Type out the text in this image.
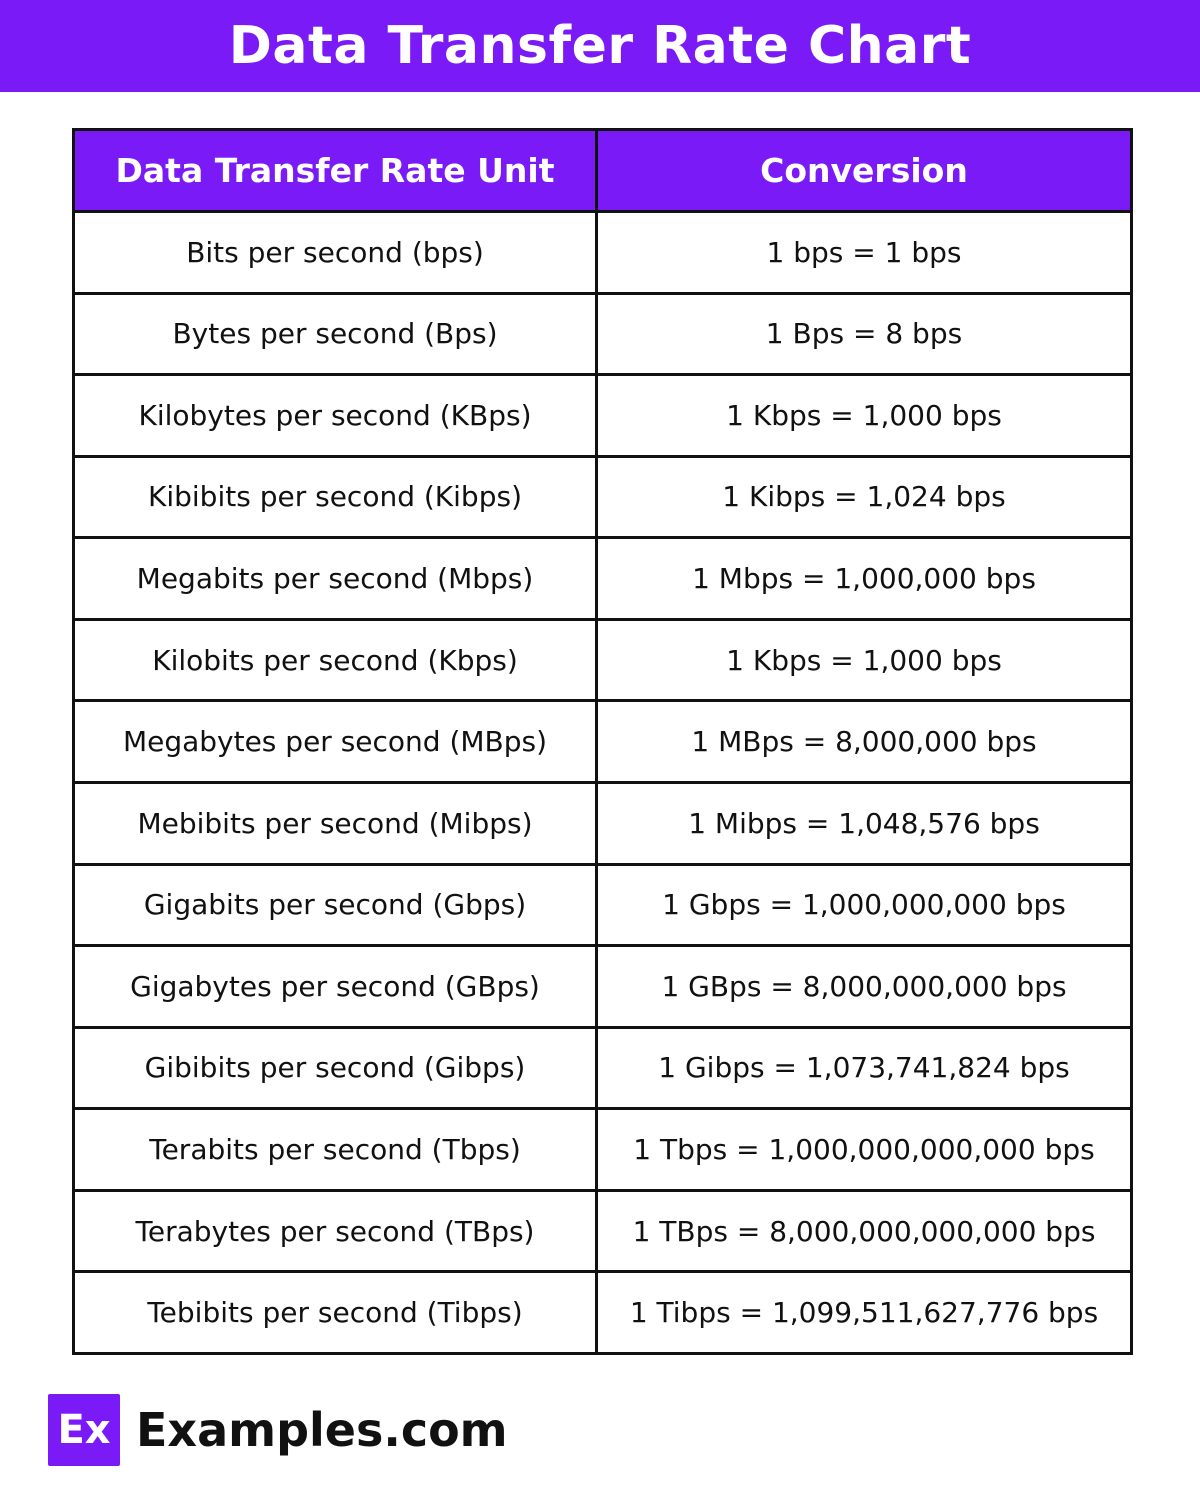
Data Transfer Rate Chart
Data Transfer Rate Unit	Conversion
Bits per second (bps)	1 bps = 1 bps
Bytes per second (Bps)	1 Bps = 8 bps
Kilobytes per second (KBps)	1 Kbps = 1,000 bps
Kibibits per second (Kibps)	1 Kibps = 1,024 bps
Megabits per second (Mbps)	1 Mbps = 1,000,000 bps
Kilobits per second (Kbps)	1 Kbps = 1,000 bps
Megabytes per second (MBps)	1 MBps = 8,000,000 bps
Mebibits per second (Mibps)	1 Mibps = 1,048,576 bps
Gigabits per second (Gbps)	1 Gbps = 1,000,000,000 bps
Gigabytes per second (GBps)	1 GBps = 8,000,000,000 bps
Gibibits per second (Gibps)	1 Gibps = 1,073,741,824 bps
Terabits per second (Tbps)	1 Tbps = 1,000,000,000,000 bps
Terabytes per second (TBps)	1 TBps = 8,000,000,000,000 bps
Tebibits per second (Tibps)	1 Tibps = 1,099,511,627,776 bps
Ex Examples.com
